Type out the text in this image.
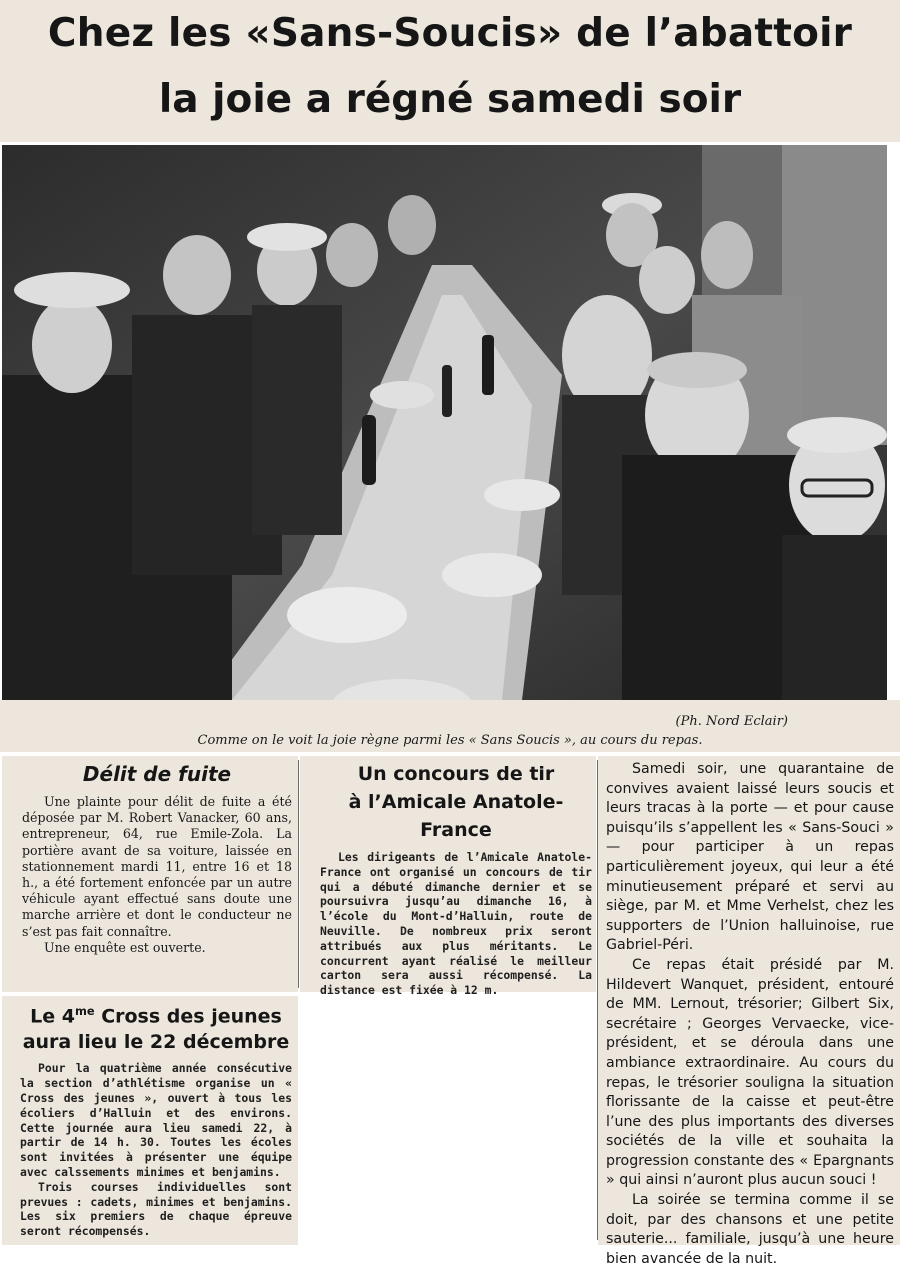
Chez les «Sans-Soucis» de l’abattoir
la joie a régné samedi soir
(Ph. Nord Eclair)
Comme on le voit la joie règne parmi les « Sans Soucis », au cours du repas.
Délit de fuite

Une plainte pour délit de fuite a été déposée par M. Robert Vanacker, 60 ans, entrepreneur, 64, rue Emile-Zola. La portière avant de sa voiture, laissée en stationnement mardi 11, entre 16 et 18 h., a été fortement enfoncée par un autre véhicule ayant effectué sans doute une marche arrière et dont le conducteur ne s’est pas fait connaître.

Une enquête est ouverte.

Le $4^{me}$ Cross des jeunes
aura lieu le 22 décembre

Pour la quatrième année consécutive la section d’athlétisme organise un « Cross des jeunes », ouvert à tous les écoliers d’Halluin et des environs. Cette journée aura lieu samedi 22, à partir de 14 h. 30. Toutes les écoles sont invitées à présenter une équipe avec calssements minimes et benjamins.

Trois courses individuelles sont prevues : cadets, minimes et benjamins. Les six premiers de chaque épreuve seront récompensés.

Un concours de tir
à l’Amicale Anatole-France

Les dirigeants de l’Amicale Anatole-France ont organisé un concours de tir qui a débuté dimanche dernier et se poursuivra jusqu’au dimanche 16, à l’école du Mont-d’Halluin, route de Neuville. De nombreux prix seront attribués aux plus méritants. Le concurrent ayant réalisé le meilleur carton sera aussi récompensé. La distance est fixée à 12 m.

Samedi soir, une quarantaine de convives avaient laissé leurs soucis et leurs tracas à la porte — et pour cause puisqu’ils s’appellent les « Sans-Souci » — pour participer à un repas particulièrement joyeux, qui leur a été minutieusement préparé et servi au siège, par M. et Mme Verhelst, chez les supporters de l’Union halluinoise, rue Gabriel-Péri.

Ce repas était présidé par M. Hildevert Wanquet, président, entouré de MM. Lernout, trésorier; Gilbert Six, secrétaire ; Georges Vervaecke, vice-président, et se déroula dans une ambiance extraordinaire. Au cours du repas, le trésorier souligna la situation florissante de la caisse et peut-être l’une des plus importants des diverses sociétés de la ville et souhaita la progression constante des « Epargnants » qui ainsi n’auront plus aucun souci !

La soirée se termina comme il se doit, par des chansons et une petite sauterie... familiale, jusqu’à une heure bien avancée de la nuit.
